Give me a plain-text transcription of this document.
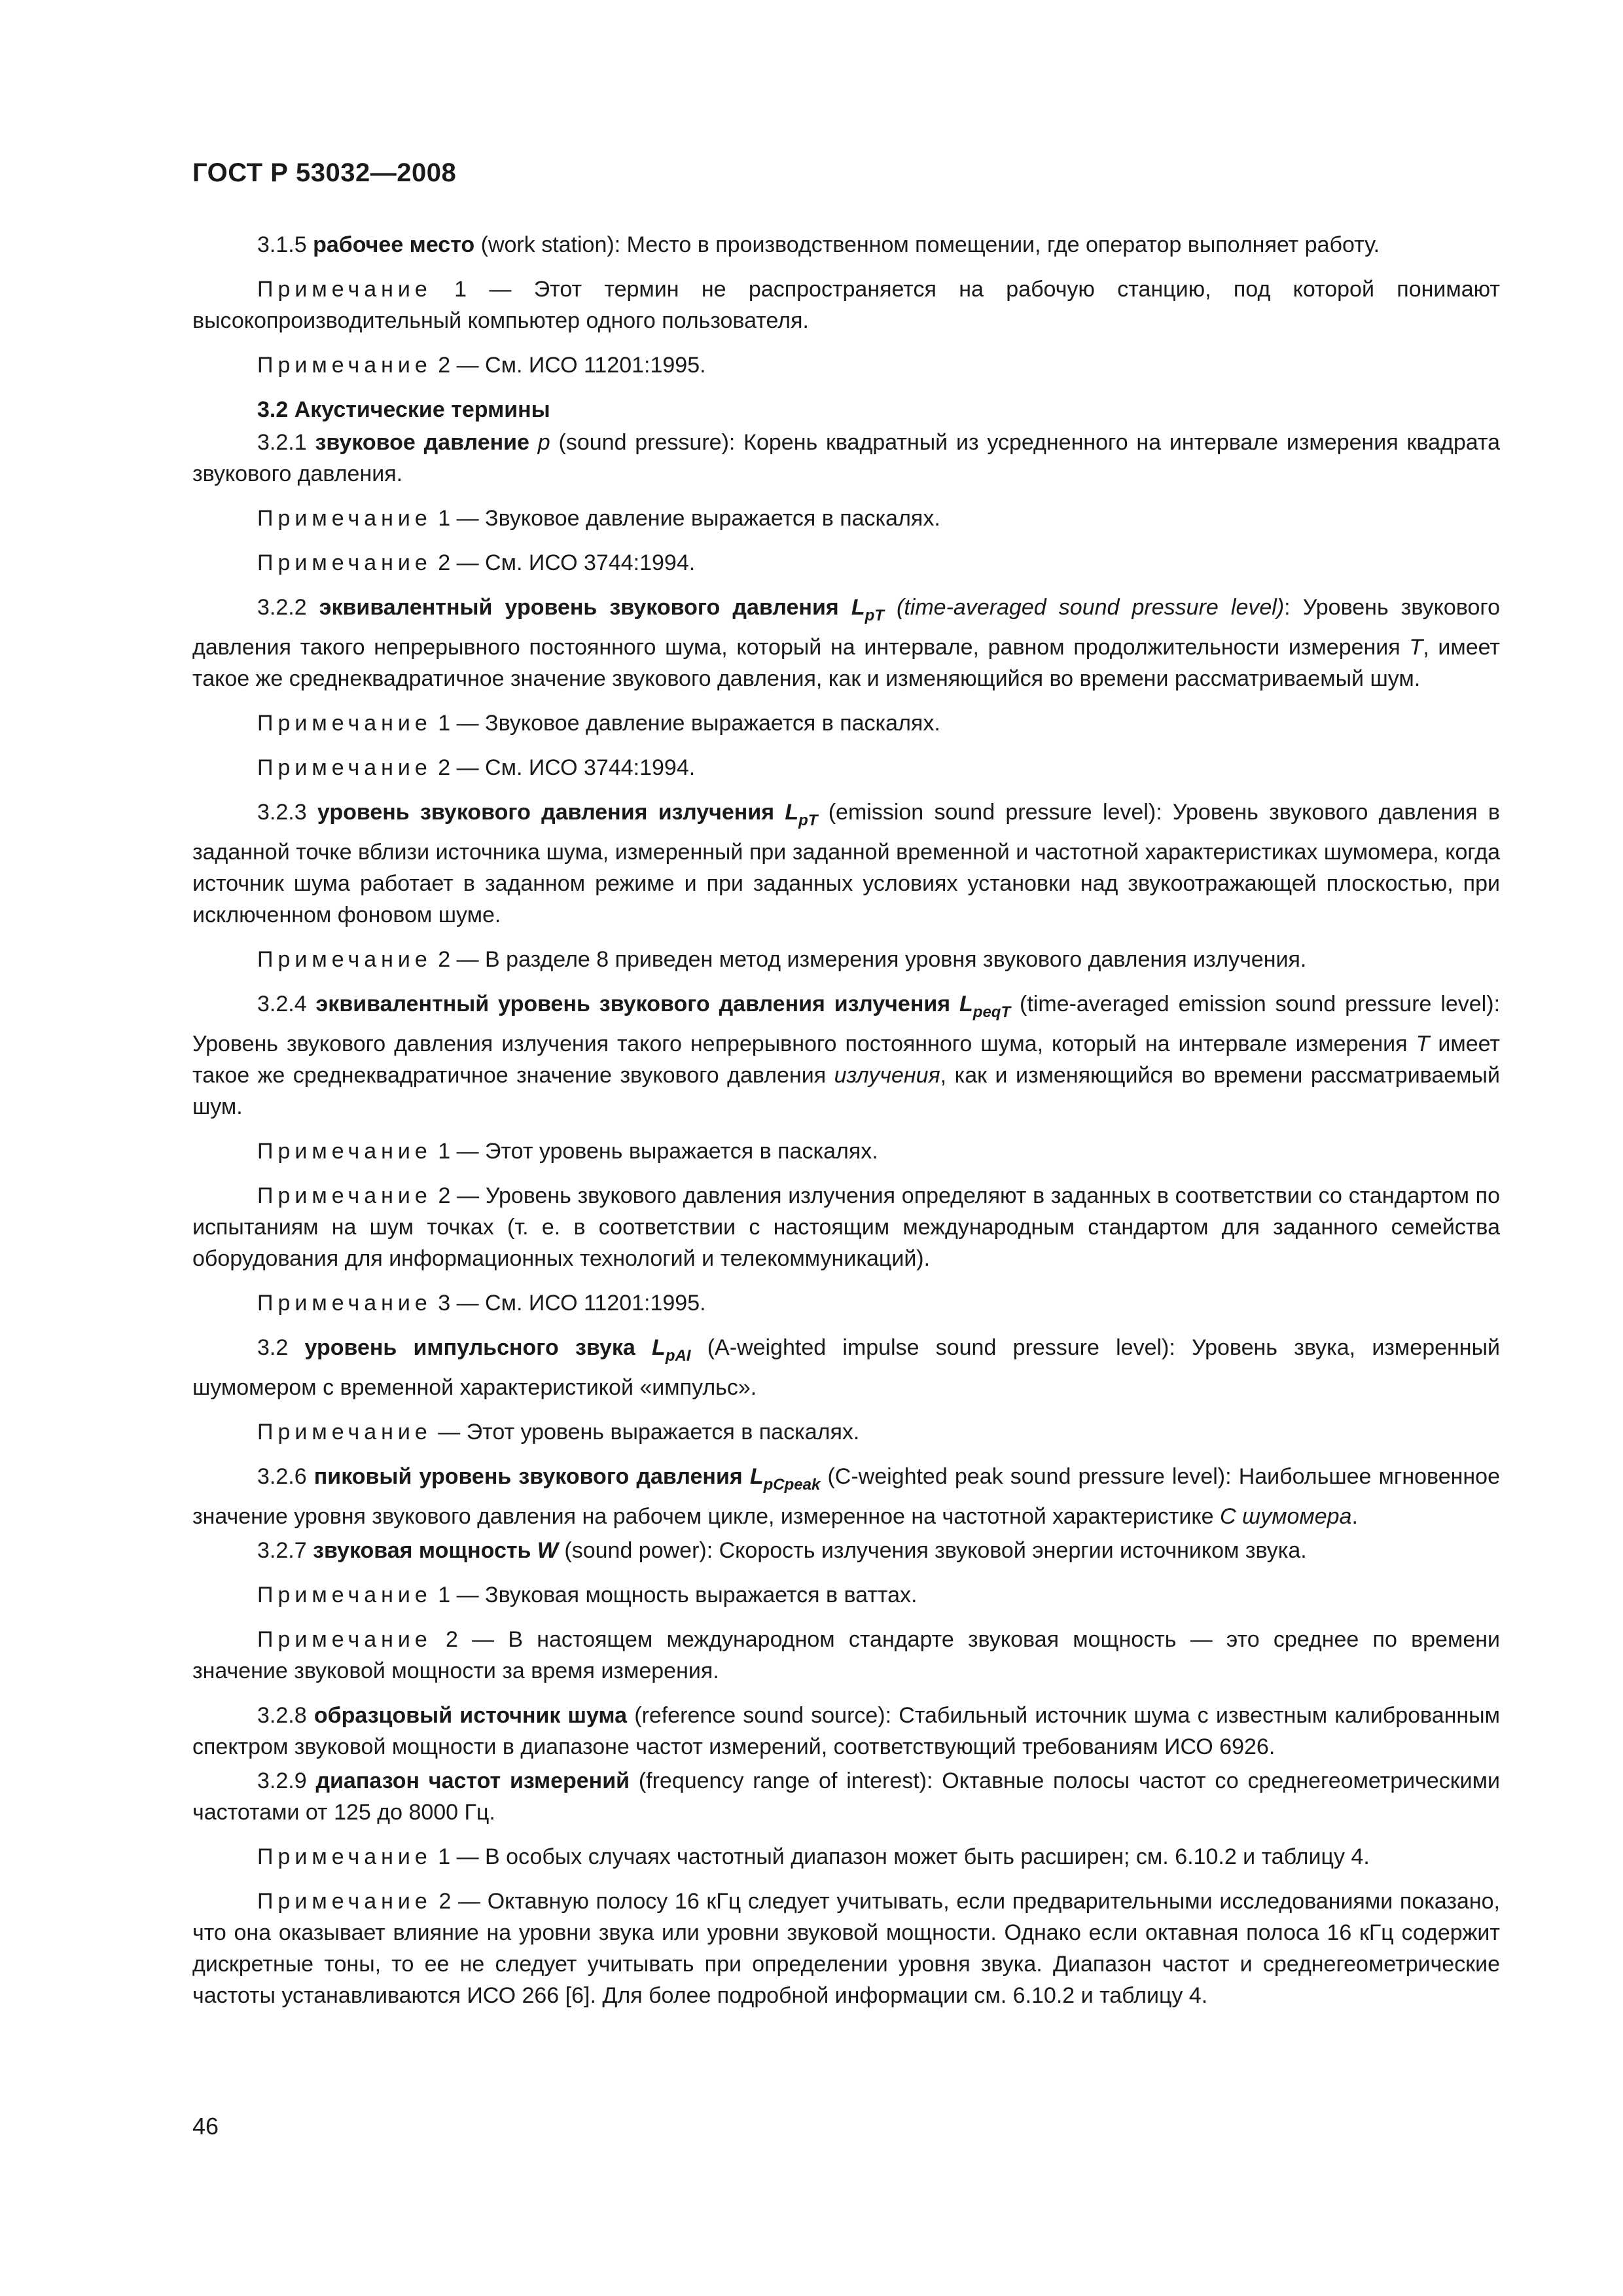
ГОСТ Р 53032—2008

3.1.5 рабочее место (work station): Место в производственном помещении, где оператор выполняет работу.

Примечание 1 — Этот термин не распространяется на рабочую станцию, под которой понимают высокопроизводительный компьютер одного пользователя.

Примечание 2 — См. ИСО 11201:1995.

3.2 Акустические термины

3.2.1 звуковое давление p (sound pressure): Корень квадратный из усредненного на интервале измерения квадрата звукового давления.

Примечание 1 — Звуковое давление выражается в паскалях.

Примечание 2 — См. ИСО 3744:1994.

3.2.2 эквивалентный уровень звукового давления $L_{pT}$ (time-averaged sound pressure level): Уровень звукового давления такого непрерывного постоянного шума, который на интервале, равном продолжительности измерения T, имеет такое же среднеквадратичное значение звукового давления, как и изменяющийся во времени рассматриваемый шум.

Примечание 1 — Звуковое давление выражается в паскалях.

Примечание 2 — См. ИСО 3744:1994.

3.2.3 уровень звукового давления излучения $L_{pT}$ (emission sound pressure level): Уровень звукового давления в заданной точке вблизи источника шума, измеренный при заданной временной и частотной характеристиках шумомера, когда источник шума работает в заданном режиме и при заданных условиях установки над звукоотражающей плоскостью, при исключенном фоновом шуме.

Примечание 2 — В разделе 8 приведен метод измерения уровня звукового давления излучения.

3.2.4 эквивалентный уровень звукового давления излучения $L_{peqT}$ (time-averaged emission sound pressure level): Уровень звукового давления излучения такого непрерывного постоянного шума, который на интервале измерения T имеет такое же среднеквадратичное значение звукового давления излучения, как и изменяющийся во времени рассматриваемый шум.

Примечание 1 — Этот уровень выражается в паскалях.

Примечание 2 — Уровень звукового давления излучения определяют в заданных в соответствии со стандартом по испытаниям на шум точках (т. е. в соответствии с настоящим международным стандартом для заданного семейства оборудования для информационных технологий и телекоммуникаций).

Примечание 3 — См. ИСО 11201:1995.

3.2 уровень импульсного звука $L_{pAI}$ (A-weighted impulse sound pressure level): Уровень звука, измеренный шумомером с временной характеристикой «импульс».

Примечание — Этот уровень выражается в паскалях.

3.2.6 пиковый уровень звукового давления $L_{pCpeak}$ (C-weighted peak sound pressure level): Наибольшее мгновенное значение уровня звукового давления на рабочем цикле, измеренное на частотной характеристике С шумомера.

3.2.7 звуковая мощность W (sound power): Скорость излучения звуковой энергии источником звука.

Примечание 1 — Звуковая мощность выражается в ваттах.

Примечание 2 — В настоящем международном стандарте звуковая мощность — это среднее по времени значение звуковой мощности за время измерения.

3.2.8 образцовый источник шума (reference sound source): Стабильный источник шума с известным калиброванным спектром звуковой мощности в диапазоне частот измерений, соответствующий требованиям ИСО 6926.

3.2.9 диапазон частот измерений (frequency range of interest): Октавные полосы частот со среднегеометрическими частотами от 125 до 8000 Гц.

Примечание 1 — В особых случаях частотный диапазон может быть расширен; см. 6.10.2 и таблицу 4.

Примечание 2 — Октавную полосу 16 кГц следует учитывать, если предварительными исследованиями показано, что она оказывает влияние на уровни звука или уровни звуковой мощности. Однако если октавная полоса 16 кГц содержит дискретные тоны, то ее не следует учитывать при определении уровня звука. Диапазон частот и среднегеометрические частоты устанавливаются ИСО 266 [6]. Для более подробной информации см. 6.10.2 и таблицу 4.

46
